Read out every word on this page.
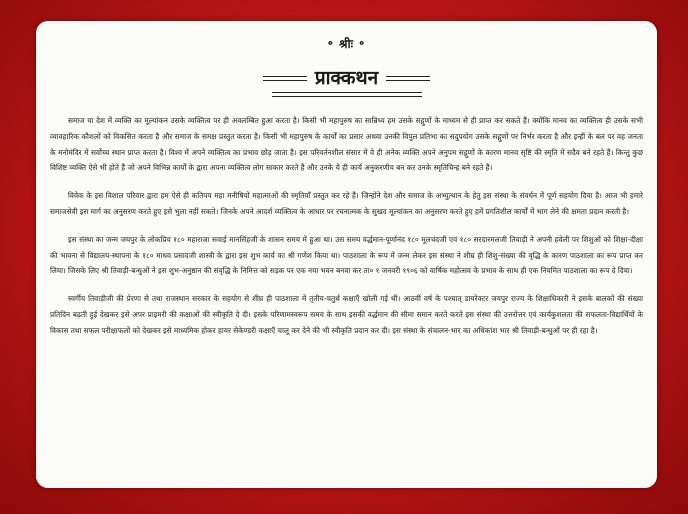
॰ श्रीः ॰
प्राक्कथन

समाज या देश में व्यक्ति का मूल्यांकन उसके व्यक्तित्व पर ही अवलम्बित हुआ करता है। किसी भी महापुरुष का सान्निध्य हम उसके सद्गुणों के माध्यम से ही प्राप्त कर सकते हैं। क्योंकि मानव का व्यक्तित्व ही उसके सभी व्यावहारिक कौशलों को विकसित करता है और समाज के समक्ष प्रस्तुत करता है। किसी भी महापुरुष के कार्यों का प्रसार अथवा उनकी विपुल प्रतिभा का सदुपयोग उसके सद्गुणों पर निर्भर करता है और इन्हीं के बल पर वह जनता के मनोमंदिर में सर्वोच्च स्थान प्राप्त करता है। विश्व में अपने व्यक्तित्व का प्रभाव छोड़ जाता है। इस परिवर्तनशील संसार में वे ही अनेक व्यक्ति अपने अनुपम सद्गुणों के कारण मानव सृष्टि की स्मृति में सदैव बने रहते हैं। किन्तु कुछ विशिष्ट व्यक्ति ऐसे भी होते हैं जो अपने विभिन्न कार्यों के द्वारा अपना व्यक्तित्व लोग साकार करते हैं और उनके ये ही कार्य अनुकरणीय बन कर उनके स्मृतिचिन्ह बने रहते हैं।

विवेक के इस विशाल परिवार द्वारा हम ऐसे ही कतिपय महा मनीषियों महात्माओं की स्मृतियाँ प्रस्तुत कर रहे हैं। जिन्होंने देश और समाज के अभ्युत्थान के हेतु इस संस्था के संवर्धन में पूर्ण सहयोग दिया है। आज भी हमारे समाजसेवी इस मार्ग का अनुसरण करते हुए इसे भुला नहीं सकते। जिनके अपने आदर्श व्यक्तित्व के आधार पर रचनात्मक के सुखद मूल्यांकन का अनुसरण करते हुए हमें प्रगतिशील कार्यों में भाग लेने की क्षमता प्रदान करती है।

इस संस्था का जन्म जयपुर के लोकप्रिय १८० महाराजा सवाई मानसिंहजी के शासन समय में हुआ था। उस समय वर्द्धमान-पूर्णानंद १८० मूलचंदजी एवं १८० सरदारमलजी तिवाड़ी ने अपनी हवेली पर शिशुओं को शिक्षा-दीक्षा की भावना से विद्यालय-स्थापना के १८० माधव प्रसादजी शास्त्री के द्वारा इस शुभ कार्य का श्री गणेश किया था। पाठशाला के रूप में जन्म लेकर इस संस्था ने शीघ्र ही शिशु-संख्या की वृद्धि के कारण पाठशाला का रूप प्राप्त कर लिया। जिसके लिए श्री तिवाड़ी-बन्धुओं ने इस शुभ-अनुष्ठान की संवृद्धि के निमित्त को सड़क पर एक नया भवन बनवा कर ता० १ जनवरी १९०६ को वार्षिक महोत्सव के प्रभाव के साथ ही एक नियमित पाठशाला का रूप दे दिया।

स्वर्गीय तिवाड़ीजी की प्रेरणा से तथा राजस्थान सरकार के सहयोग से शीघ्र ही पाठशाला में तृतीय-चतुर्थ कक्षाएँ खोली गई थीं। आठवीं वर्ष के पश्चात् डायरेक्टर जयपुर राज्य के शिक्षाधिकारी ने इसके बालकों की संख्या प्रतिदिन बढ़ती हुई देखकर इसे अपर प्राइमरी की कक्षाओं की स्वीकृति दे दी। इसके परिणामस्वरूप समय के साथ इसकी वर्द्धमान की सीमा समान करते करते इस संस्था की उत्तरोत्तर एवं कार्यकुशलता की सफलता-विद्यार्थियों के विकास तथा सफल परीक्षाफलों को देखकर इसे माध्यमिक होकर हायर सेकेण्डरी कक्षाएँ चालू कर देने की भी स्वीकृति प्रदान कर दी। इस संस्था के संचालन-भार का अधिकांश भार श्री तिवाड़ी-बन्धुओं पर ही रहा है।
